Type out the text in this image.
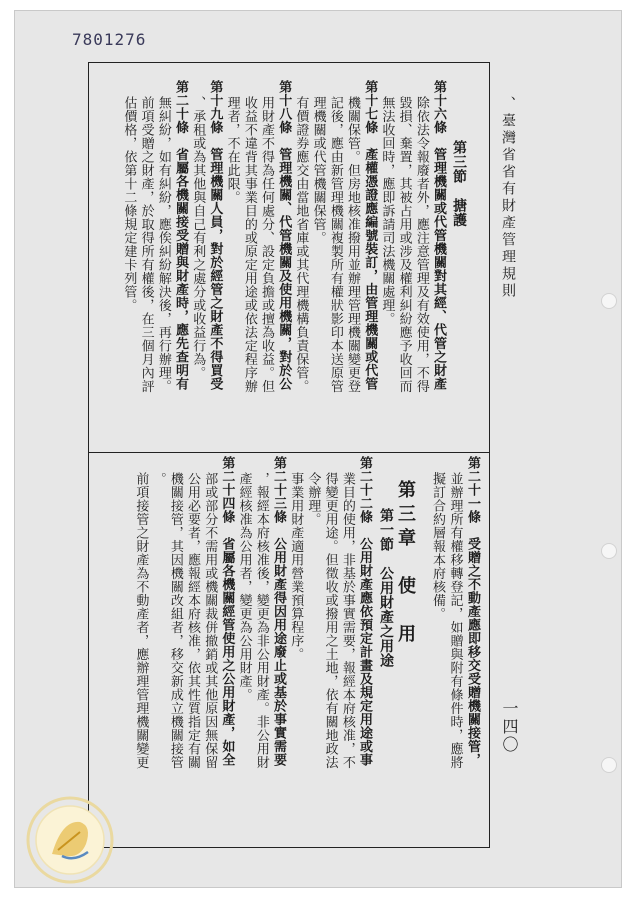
7801276
、臺灣省省有財產管理規則
一四〇
第三節　搪護
第十六條　管理機關或代管機關對其經、代管之財產
除依法令報廢者外，應注意管理及有效使用，不得
毀損、棄置，其被占用或涉及權利糾紛應予收回而
無法收回時，應即訴請司法機關處理。
第十七條　產權憑證應編號裝訂，由管理機關或代管
機關保管。但房地核准撥用並辦理管理機關變更登
記後，應由新管理機關複製所有權狀影印本送原管
理機關或代管機關保管。
有價證券應交由當地省庫或其代理機構負責保管。
第十八條　管理機關、代管機關及使用機關，對於公
用財產不得為任何處分、設定負擔或擅為收益。但
收益不違背其事業目的或原定用途或依法定程序辦
理者，不在此限。
第十九條　管理機關人員，對於經管之財產不得買受
、承租或為其他與自己有利之處分或收益行為。
第二十條　省屬各機關接受贈與財產時，應先查明有
無糾紛，如有糾紛，應俟糾紛解決後，再行辦理。
前項受贈之財產，於取得所有權後，在三個月內評
估價格，依第十二條規定建卡列管。
第二十一條　受贈之不動產應即移交受贈機關接管，
並辦理所有權移轉登記，如贈與附有條件時，應將
擬訂合約層報本府核備。
第三章　使　用
第一節　公用財產之用途
第二十二條　公用財產應依預定計畫及規定用途或事
業目的使用，非基於事實需要，報經本府核准，不
得變更用途。但徵收或撥用之土地，依有關地政法
令辦理。
事業用財產適用營業預算程序。
第二十三條　公用財產得因用途廢止或基於事實需要
，報經本府核准後，變更為非公用財產。非公用財
產經核准為公用者，變更為公用財產。
第二十四條　省屬各機關經管使用之公用財產，如全
部或部分不需用或機關裁併撤銷或其他原因無保留
公用必要者，應報經本府核准，依其性質指定有關
機關接管，其因機關改組者，移交新成立機關接管
。
前項接管之財產為不動產者，應辦理管理機關變更
